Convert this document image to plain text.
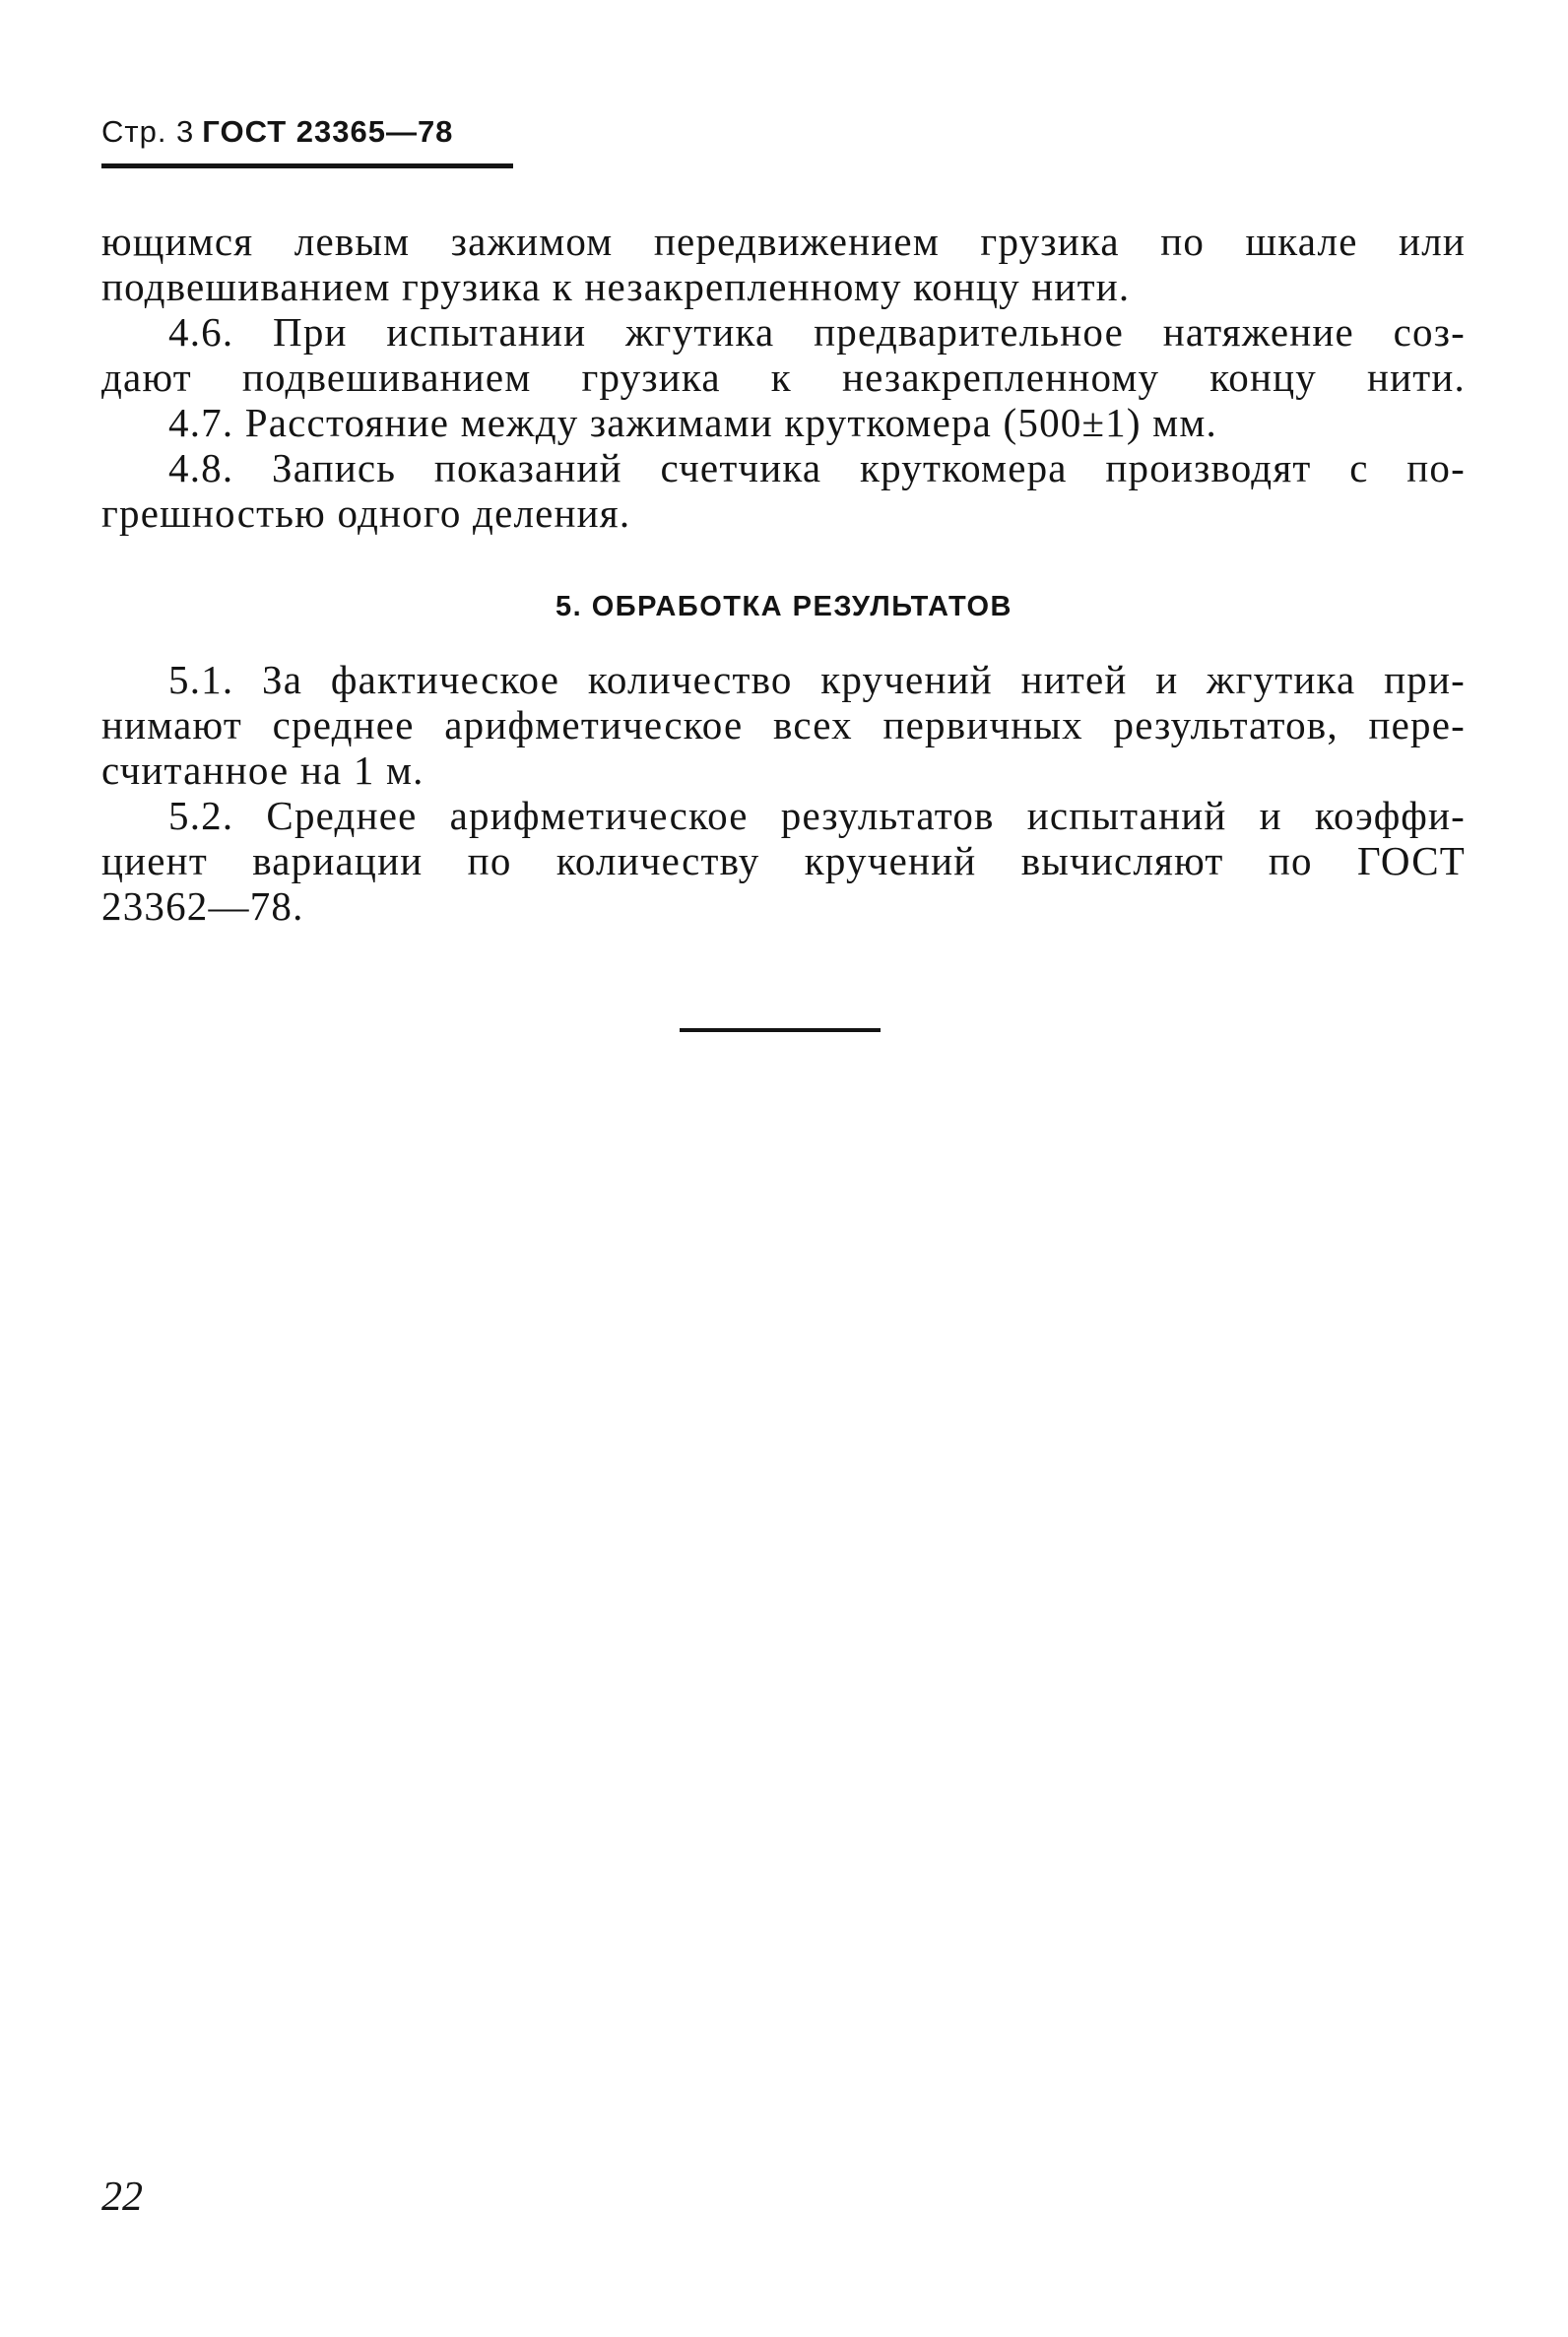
Стр. 3 ГОСТ 23365—78
ющимся левым зажимом передвижением грузика по шкале или
подвешиванием грузика к незакрепленному концу нити.
4.6. При испытании жгутика предварительное натяжение соз-
дают подвешиванием грузика к незакрепленному концу нити.
4.7. Расстояние между зажимами круткомера (500±1) мм.
4.8. Запись показаний счетчика круткомера производят с по-
грешностью одного деления.
5. ОБРАБОТКА РЕЗУЛЬТАТОВ
5.1. За фактическое количество кручений нитей и жгутика при-
нимают среднее арифметическое всех первичных результатов, пере-
считанное на 1 м.
5.2. Среднее арифметическое результатов испытаний и коэффи-
циент вариации по количеству кручений вычисляют по ГОСТ
23362—78.
22
